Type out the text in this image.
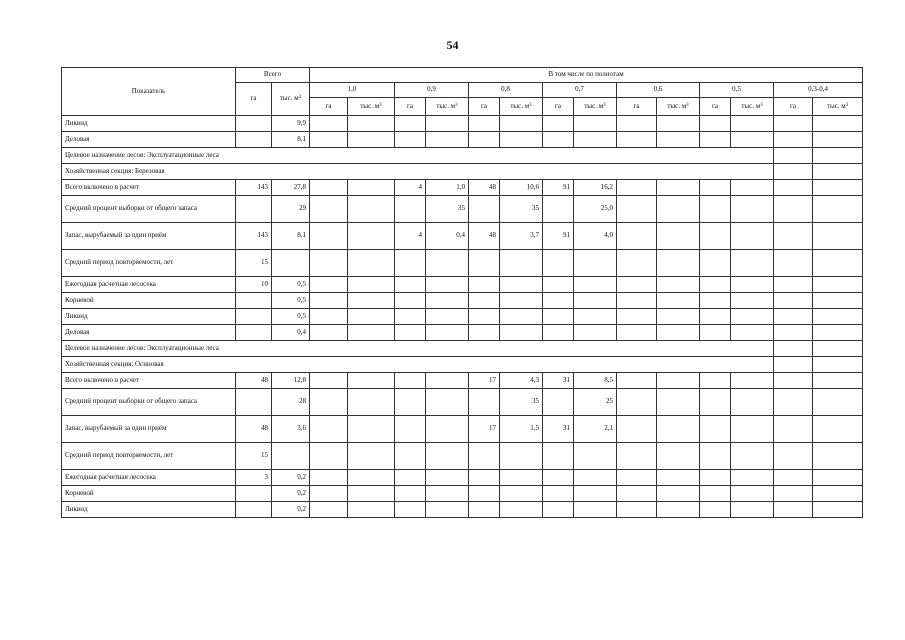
54
Показатель	Всего		В том числе по полнотам													
	га	тыс. $м^3$	1,0		0,9		0,8		0,7		0,6		0,5		0,3-0,4	
			га	тыс. $м^3$	га	тыс. $м^3$	га	тыс. $м^3$	га	тыс. $м^3$	га	тыс. $м^3$	га	тыс. $м^3$	га	тыс. $м^3$
Ликвид		9,9														
Деловая		8,1														
Целевое назначение лесов: Эксплуатационные леса																
Хозяйственная секция: Березовая																
Всего включено в расчет	143	27,8			4	1,0	48	10,6	91	16,2						
Средний процент выборки от общего запаса		29				35		35		25,0						
Запас, вырубаемый за один приём	143	8,1			4	0,4	48	3,7	91	4,0						
Средний период повторяемости, лет	15															
Ежегодная расчетная лесосека	10	0,5														
Корневой		0,5														
Ликвид		0,5														
Деловая		0,4														
Целевое назначение лесов: Эксплуатационные леса																
Хозяйственная секция: Осиновая																
Всего включено в расчет	48	12,8					17	4,3	31	8,5						
Средний процент выборки от общего запаса		28						35		25						
Запас, вырубаемый за один приём	48	3,6					17	1,5	31	2,1						
Средний период повторяемости, лет	15															
Ежегодная расчетная лесосека	3	0,2														
Корневой		0,2														
Ликвид		0,2														
